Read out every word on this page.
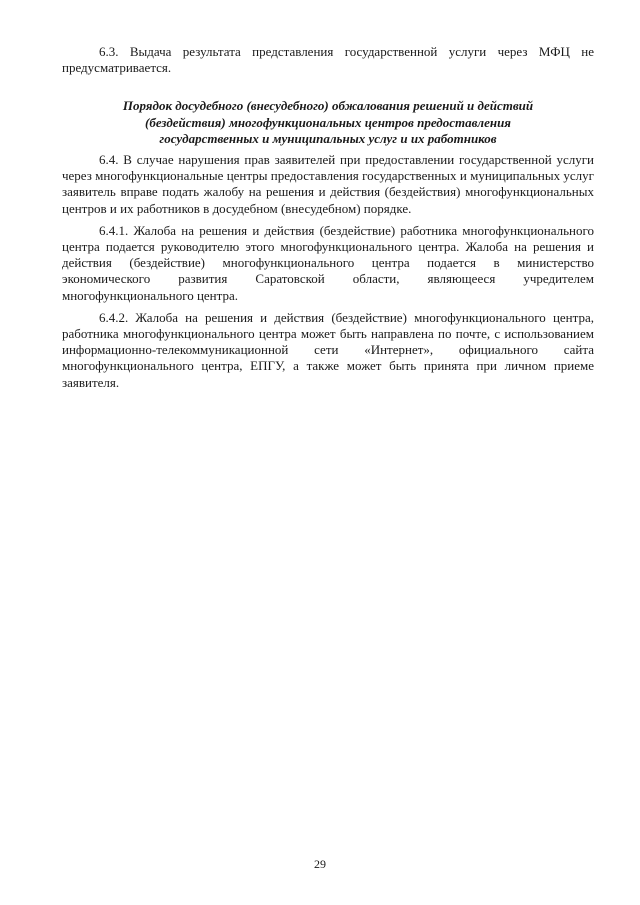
6.3. Выдача результата представления государственной услуги через МФЦ не предусматривается.

Порядок досудебного (внесудебного) обжалования решений и действий
(бездействия) многофункциональных центров предоставления
государственных и муниципальных услуг и их работников

6.4. В случае нарушения прав заявителей при предоставлении государственной услуги через многофункциональные центры предоставления государственных и муниципальных услуг заявитель вправе подать жалобу на решения и действия (бездействия) многофункциональных центров и их работников в досудебном (внесудебном) порядке.

6.4.1. Жалоба на решения и действия (бездействие) работника многофункционального центра подается руководителю этого многофункционального центра. Жалоба на решения и действия (бездействие) многофункционального центра подается в министерство экономического развития Саратовской области, являющееся учредителем многофункционального центра.

6.4.2. Жалоба на решения и действия (бездействие) многофункционального центра, работника многофункционального центра может быть направлена по почте, с использованием информационно-телекоммуникационной сети «Интернет», официального сайта многофункционального центра, ЕПГУ, а также может быть принята при личном приеме заявителя.

29
